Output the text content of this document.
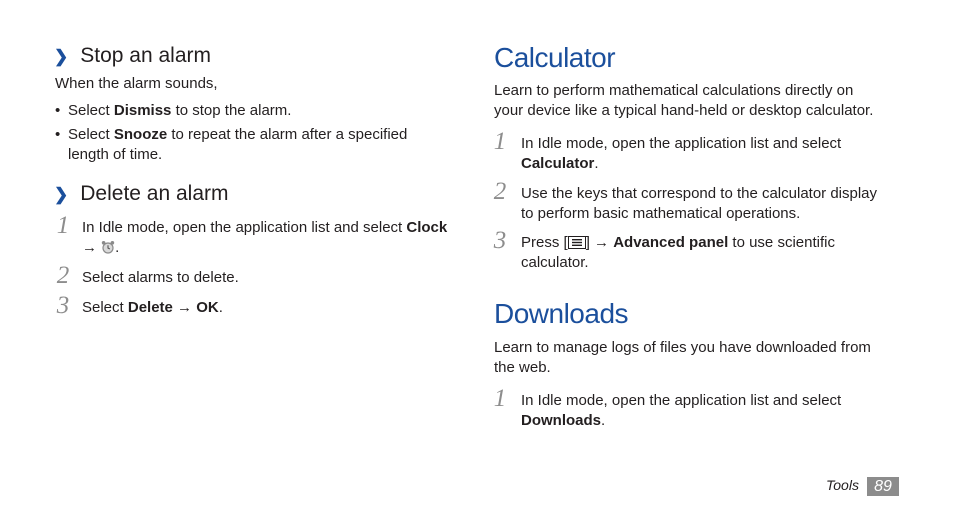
❯ Stop an alarm
When the alarm sounds,
• Select Dismiss to stop the alarm.
• Select Snooze to repeat the alarm after a specified
length of time.
❯ Delete an alarm
1 In Idle mode, open the application list and select Clock
→ .
2 Select alarms to delete.
3 Select Delete → OK.
Calculator
Learn to perform mathematical calculations directly on
your device like a typical hand-held or desktop calculator.
1 In Idle mode, open the application list and select
Calculator.
2 Use the keys that correspond to the calculator display
to perform basic mathematical operations.
3 Press [ ] → Advanced panel to use scientific
calculator.
Downloads
Learn to manage logs of files you have downloaded from
the web.
1 In Idle mode, open the application list and select
Downloads.
Tools 89
